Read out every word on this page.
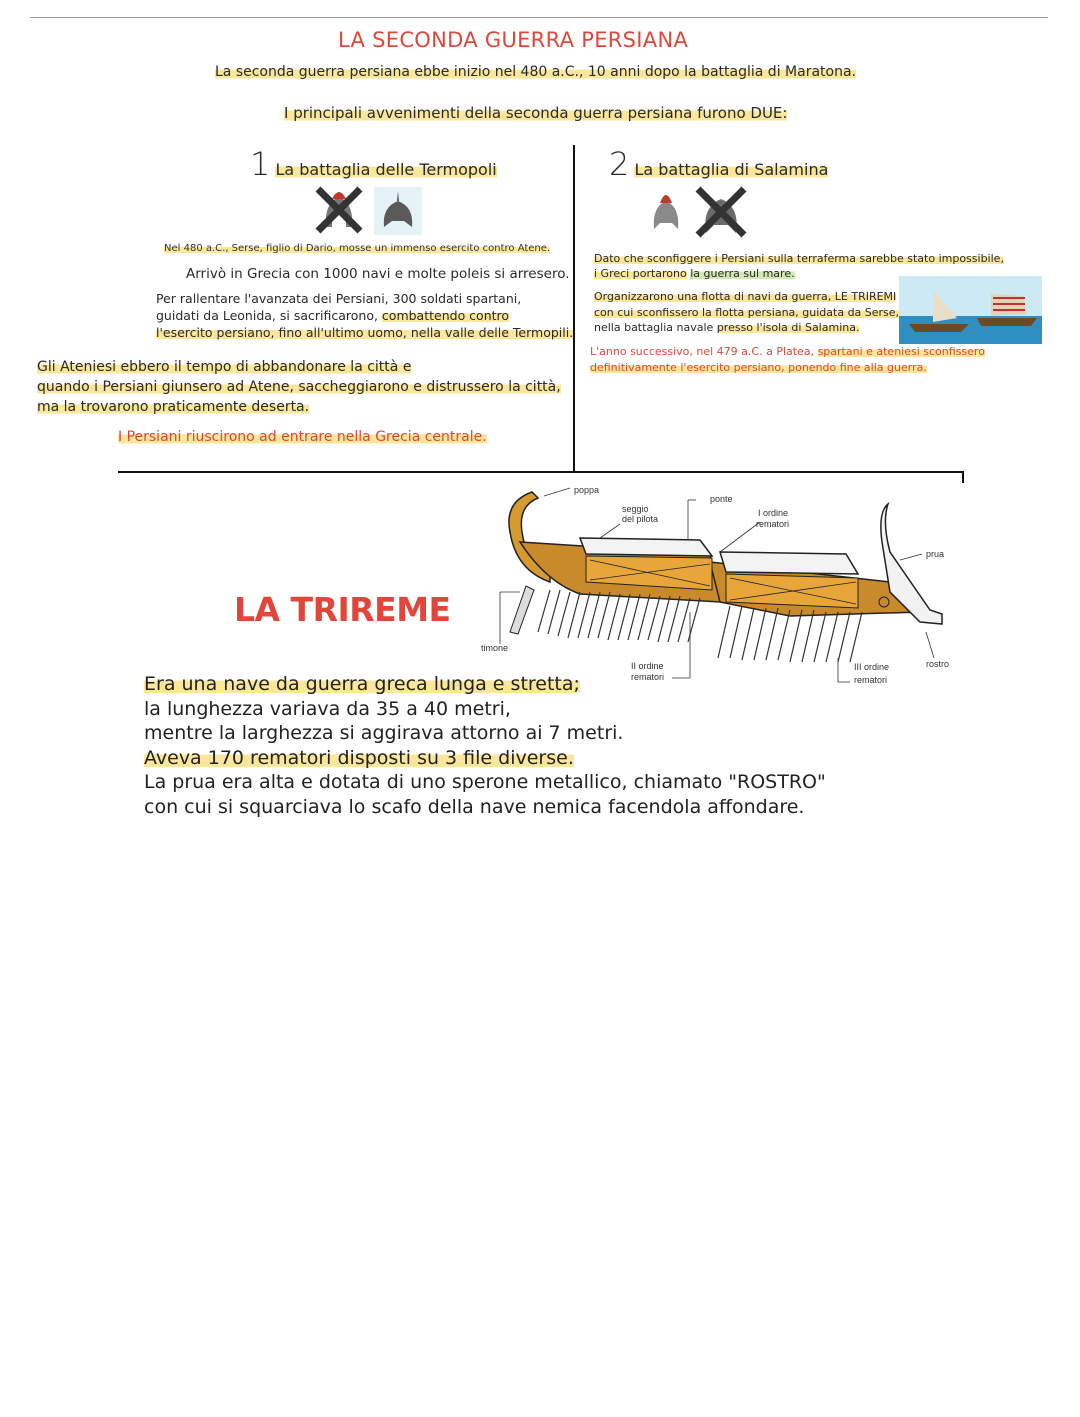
LA SECONDA GUERRA PERSIANA
La seconda guerra persiana ebbe inizio nel 480 a.C., 10 anni dopo la battaglia di Maratona.
I principali avvenimenti della seconda guerra persiana furono DUE:
1 La battaglia delle Termopoli
Nel 480 a.C., Serse, figlio di Dario, mosse un immenso esercito contro Atene.
Arrivò in Grecia con 1000 navi e molte poleis si arresero.
Per rallentare l'avanzata dei Persiani, 300 soldati spartani,
guidati da Leonida, si sacrificarono, combattendo contro
l'esercito persiano, fino all'ultimo uomo, nella valle delle Termopili.
Gli Ateniesi ebbero il tempo di abbandonare la città e
quando i Persiani giunsero ad Atene, saccheggiarono e distrussero la città,
ma la trovarono praticamente deserta.
I Persiani riuscirono ad entrare nella Grecia centrale.
2 La battaglia di Salamina
Dato che sconfiggere i Persiani sulla terraferma sarebbe stato impossibile,
i Greci portarono la guerra sul mare.
Organizzarono una flotta di navi da guerra, LE TRIREMI
con cui sconfissero la flotta persiana, guidata da Serse,
nella battaglia navale presso l'isola di Salamina.
L'anno successivo, nel 479 a.C. a Platea, spartani e ateniesi sconfissero
definitivamente l'esercito persiano, ponendo fine alla guerra.
LA TRIREME
poppa
seggio
del pilota
ponte
I ordine
rematori
prua
timone
II ordine
rematori
III ordine
rematori
rostro
Era una nave da guerra greca lunga e stretta;
la lunghezza variava da 35 a 40 metri,
mentre la larghezza si aggirava attorno ai 7 metri.
Aveva 170 rematori disposti su 3 file diverse.
La prua era alta e dotata di uno sperone metallico, chiamato "ROSTRO"
con cui si squarciava lo scafo della nave nemica facendola affondare.
